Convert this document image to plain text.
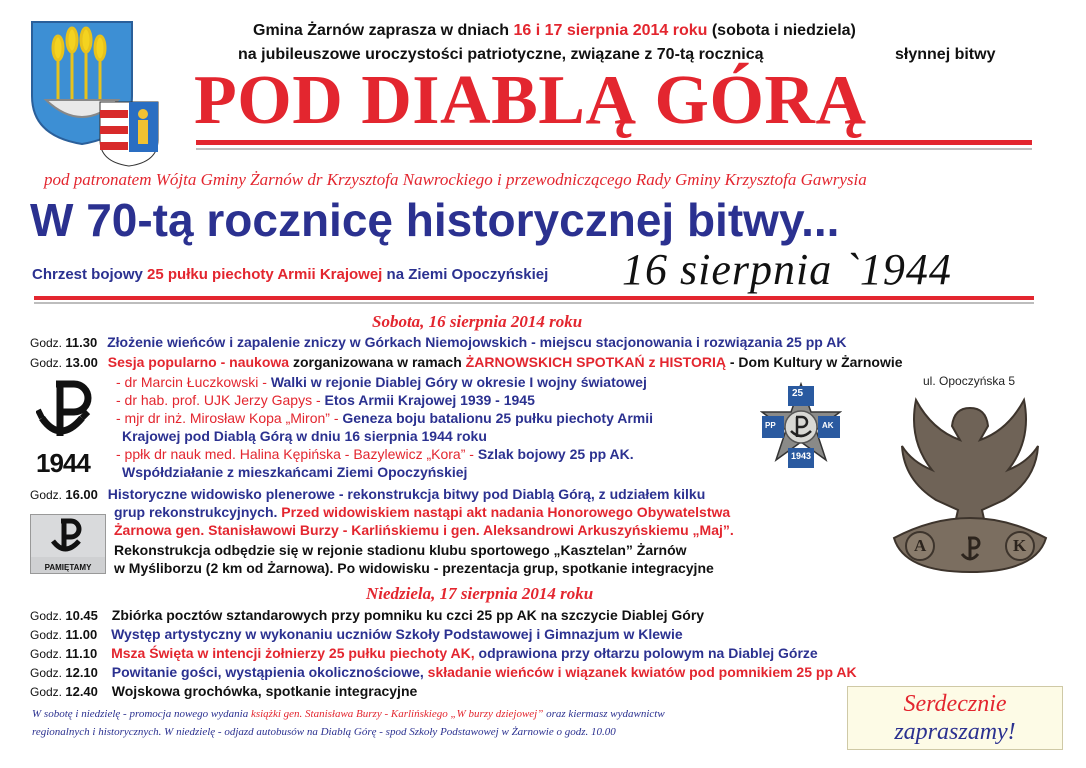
Gmina Żarnów zaprasza w dniach 16 i 17 sierpnia 2014 roku (sobota i niedziela)
na jubileuszowe uroczystości patriotyczne, związane z 70-tą rocznicą	słynnej bitwy
POD DIABLĄ GÓRĄ
pod patronatem Wójta Gminy Żarnów dr Krzysztofa Nawrockiego i przewodniczącego Rady Gminy Krzysztofa Gawrysia
W 70-tą rocznicę historycznej bitwy...
Chrzest bojowy 25 pułku piechoty Armii Krajowej na Ziemi Opoczyńskiej 16 sierpnia `1944
Sobota, 16 sierpnia 2014 roku
ul. Opoczyńska 5
Godz. 11.30 Złożenie wieńców i zapalenie zniczy w Górkach Niemojowskich - miejscu stacjonowania i rozwiązania 25 pp AK
Godz. 13.00 Sesja popularno - naukowa zorganizowana w ramach ŻARNOWSKICH SPOTKAŃ z HISTORIĄ - Dom Kultury w Żarnowie
- dr Marcin Łuczkowski - Walki w rejonie Diablej Góry w okresie I wojny światowej
- dr hab. prof. UJK Jerzy Gapys - Etos Armii Krajowej 1939 - 1945
- mjr dr inż. Mirosław Kopa „Miron” - Geneza boju batalionu 25 pułku piechoty Armii
Krajowej pod Diablą Górą w dniu 16 sierpnia 1944 roku
- ppłk dr nauk med. Halina Kępińska - Bazylewicz „Kora” - Szlak bojowy 25 pp AK.
Współdziałanie z mieszkańcami Ziemi Opoczyńskiej
Godz. 16.00 Historyczne widowisko plenerowe - rekonstrukcja bitwy pod Diablą Górą, z udziałem kilku
grup rekonstrukcyjnych. Przed widowiskiem nastąpi akt nadania Honorowego Obywatelstwa
Żarnowa gen. Stanisławowi Burzy - Karlińskiemu i gen. Aleksandrowi Arkuszyńskiemu „Maj”.
Rekonstrukcja odbędzie się w rejonie stadionu klubu sportowego „Kasztelan” Żarnów
w Myśliborzu (2 km od Żarnowa). Po widowisku - prezentacja grup, spotkanie integracyjne
1944
PAMIĘTAMY
25
PP	AK
1943
A	K
Niedziela, 17 sierpnia 2014 roku
Godz. 10.45 Zbiórka pocztów sztandarowych przy pomniku ku czci 25 pp AK na szczycie Diablej Góry
Godz. 11.00 Występ artystyczny w wykonaniu uczniów Szkoły Podstawowej i Gimnazjum w Klewie
Godz. 11.10 Msza Święta w intencji żołnierzy 25 pułku piechoty AK, odprawiona przy ołtarzu polowym na Diablej Górze
Godz. 12.10 Powitanie gości, wystąpienia okolicznościowe, składanie wieńców i wiązanek kwiatów pod pomnikiem 25 pp AK
Godz. 12.40 Wojskowa grochówka, spotkanie integracyjne
W sobotę i niedzielę - promocja nowego wydania książki gen. Stanisława Burzy - Karlińskiego „W burzy dziejowej” oraz kiermasz wydawnictw
regionalnych i historycznych. W niedzielę - odjazd autobusów na Diablą Górę - spod Szkoły Podstawowej w Żarnowie o godz. 10.00
Serdecznie
zapraszamy!
